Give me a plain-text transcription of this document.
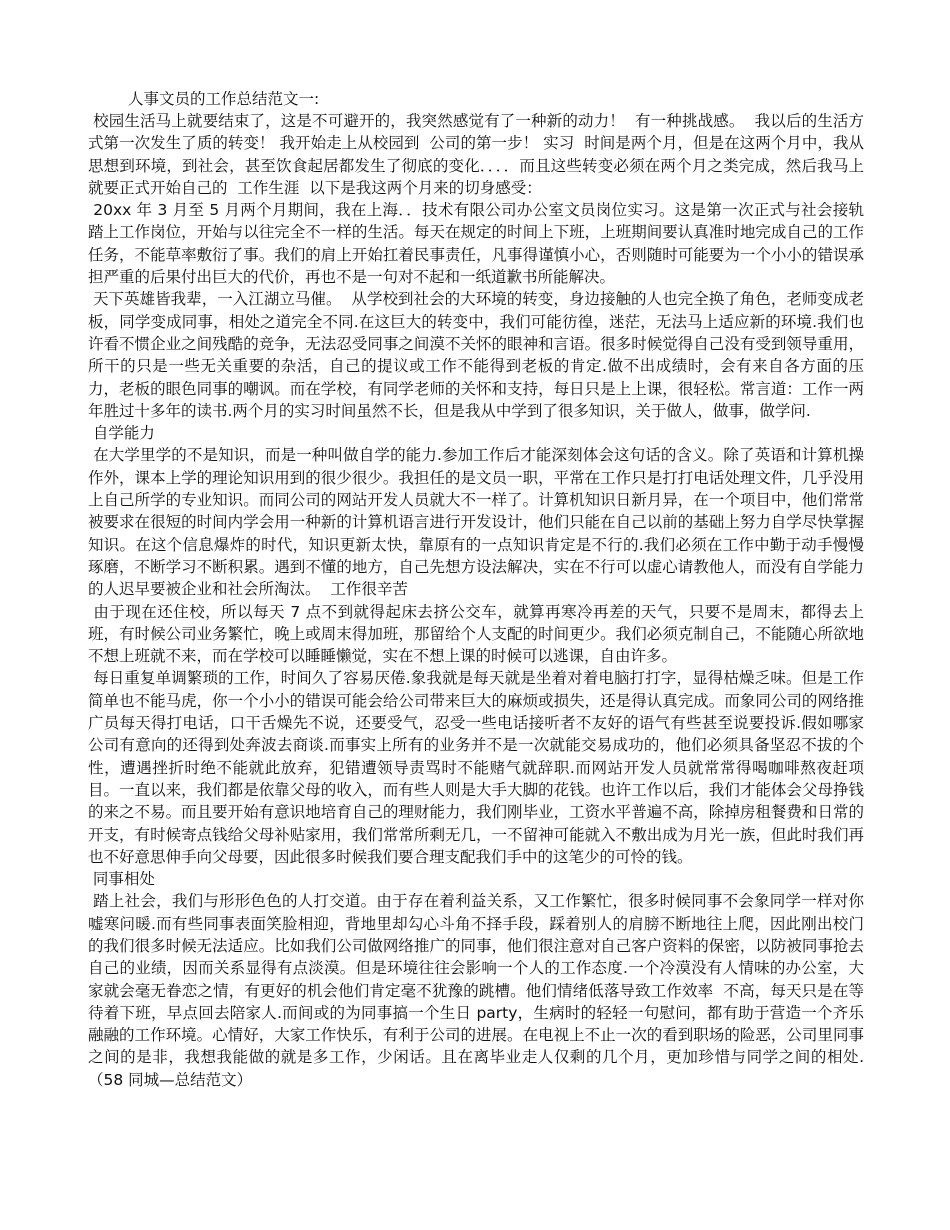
人事文员的工作总结范文一:

校园生活马上就要结束了，这是不可避开的，我突然感觉有了一种新的动力！  有一种挑战感。  我以后的生活方式第一次发生了质的转变！ 我开始走上从校园到  公司的第一步！ 实习  时间是两个月，但是在这两个月中，我从思想到环境，到社会，甚至饮食起居都发生了彻底的变化．．．．而且这些转变必须在两个月之类完成，然后我马上就要正式开始自己的  工作生涯  以下是我这两个月来的切身感受：

20xx 年 3 月至 5 月两个月期间，我在上海．．技术有限公司办公室文员岗位实习。这是第一次正式与社会接轨踏上工作岗位，开始与以往完全不一样的生活。每天在规定的时间上下班，上班期间要认真准时地完成自己的工作任务，不能草率敷衍了事。我们的肩上开始扛着民事责任，凡事得谨慎小心，否则随时可能要为一个小小的错误承担严重的后果付出巨大的代价，再也不是一句对不起和一纸道歉书所能解决。

天下英雄皆我辈，一入江湖立马催。  从学校到社会的大环境的转变，身边接触的人也完全换了角色，老师变成老板，同学变成同事，相处之道完全不同.在这巨大的转变中，我们可能彷徨，迷茫，无法马上适应新的环境.我们也许看不惯企业之间残酷的竞争，无法忍受同事之间漠不关怀的眼神和言语。很多时候觉得自己没有受到领导重用，所干的只是一些无关重要的杂活，自己的提议或工作不能得到老板的肯定.做不出成绩时，会有来自各方面的压力，老板的眼色同事的嘲讽。而在学校，有同学老师的关怀和支持，每日只是上上课，很轻松。常言道：工作一两年胜过十多年的读书.两个月的实习时间虽然不长，但是我从中学到了很多知识，关于做人，做事，做学问.

自学能力

在大学里学的不是知识，而是一种叫做自学的能力.参加工作后才能深刻体会这句话的含义。除了英语和计算机操作外，课本上学的理论知识用到的很少很少。我担任的是文员一职，平常在工作只是打打电话处理文件，几乎没用上自己所学的专业知识。而同公司的网站开发人员就大不一样了。计算机知识日新月异，在一个项目中，他们常常被要求在很短的时间内学会用一种新的计算机语言进行开发设计，他们只能在自己以前的基础上努力自学尽快掌握知识。在这个信息爆炸的时代，知识更新太快，靠原有的一点知识肯定是不行的.我们必须在工作中勤于动手慢慢琢磨，不断学习不断积累。遇到不懂的地方，自己先想方设法解决，实在不行可以虚心请教他人，而没有自学能力的人迟早要被企业和社会所淘汰。  工作很辛苦

由于现在还住校，所以每天 7 点不到就得起床去挤公交车，就算再寒冷再差的天气，只要不是周末，都得去上班，有时候公司业务繁忙，晚上或周末得加班，那留给个人支配的时间更少。我们必须克制自己，不能随心所欲地不想上班就不来，而在学校可以睡睡懒觉，实在不想上课的时候可以逃课，自由许多。

每日重复单调繁琐的工作，时间久了容易厌倦.象我就是每天就是坐着对着电脑打打字，显得枯燥乏味。但是工作简单也不能马虎，你一个小小的错误可能会给公司带来巨大的麻烦或损失，还是得认真完成。而象同公司的网络推广员每天得打电话，口干舌燥先不说，还要受气，忍受一些电话接听者不友好的语气有些甚至说要投诉.假如哪家公司有意向的还得到处奔波去商谈.而事实上所有的业务并不是一次就能交易成功的，他们必须具备坚忍不拔的个性，遭遇挫折时绝不能就此放弃，犯错遭领导责骂时不能赌气就辞职.而网站开发人员就常常得喝咖啡熬夜赶项目。一直以来，我们都是依靠父母的收入，而有些人则是大手大脚的花钱。也许工作以后，我们才能体会父母挣钱的来之不易。而且要开始有意识地培育自己的理财能力，我们刚毕业，工资水平普遍不高，除掉房租餐费和日常的开支，有时候寄点钱给父母补贴家用，我们常常所剩无几，一不留神可能就入不敷出成为月光一族，但此时我们再也不好意思伸手向父母要，因此很多时候我们要合理支配我们手中的这笔少的可怜的钱。

同事相处

踏上社会，我们与形形色色的人打交道。由于存在着利益关系，又工作繁忙，很多时候同事不会象同学一样对你嘘寒问暖.而有些同事表面笑脸相迎，背地里却勾心斗角不择手段，踩着别人的肩膀不断地往上爬，因此刚出校门的我们很多时候无法适应。比如我们公司做网络推广的同事，他们很注意对自己客户资料的保密，以防被同事抢去自己的业绩，因而关系显得有点淡漠。但是环境往往会影响一个人的工作态度.一个冷漠没有人情味的办公室，大家就会毫无眷恋之情，有更好的机会他们肯定毫不犹豫的跳槽。他们情绪低落导致工作效率  不高，每天只是在等待着下班，早点回去陪家人.而间或的为同事搞一个生日 party，生病时的轻轻一句慰问，都有助于营造一个齐乐融融的工作环境。心情好，大家工作快乐，有利于公司的进展。在电视上不止一次的看到职场的险恶，公司里同事之间的是非，我想我能做的就是多工作，少闲话。且在离毕业走人仅剩的几个月，更加珍惜与同学之间的相处.（58 同城—总结范文）
